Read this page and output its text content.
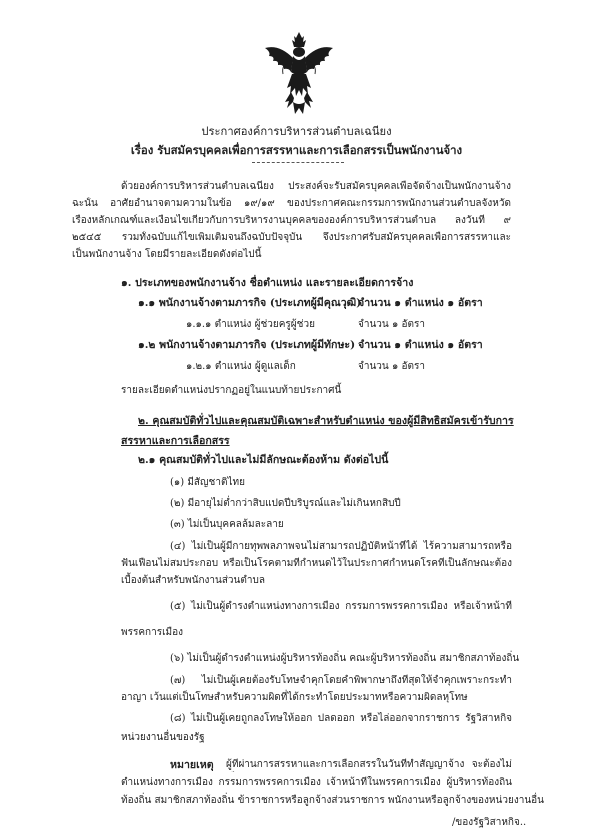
ประกาศองค์การบริหารส่วนตำบลเฉนียง
เรื่อง รับสมัครบุคคลเพื่อการสรรหาและการเลือกสรรเป็นพนักงานจ้าง
ด้วยองค์การบริหารส่วนตำบลเฉนียง ประสงค์จะรับสมัครบุคคลเพื่อจัดจ้างเป็นพนักงานจ้าง
ฉะนั้น อาศัยอำนาจตามความในข้อ ๑๙/๑๙ ของประกาศคณะกรรมการพนักงานส่วนตำบลจังหวัด
เรื่องหลักเกณฑ์และเงื่อนไขเกี่ยวกับการบริหารงานบุคคลขององค์การบริหารส่วนตำบล ลงวันที่ ๙
๒๕๔๕ รวมทั้งฉบับแก้ไขเพิ่มเติมจนถึงฉบับปัจจุบัน จึงประกาศรับสมัครบุคคลเพื่อการสรรหาและ
เป็นพนักงานจ้าง โดยมีรายละเอียดดังต่อไปนี้
๑. ประเภทของพนักงานจ้าง ชื่อตำแหน่ง และรายละเอียดการจ้าง
๑.๑ พนักงานจ้างตามภารกิจ (ประเภทผู้มีคุณวุฒิ)
จำนวน ๑ ตำแหน่ง ๑ อัตรา
๑.๑.๑ ตำแหน่ง ผู้ช่วยครูผู้ช่วย	จำนวน ๑ อัตรา
๑.๒ พนักงานจ้างตามภารกิจ (ประเภทผู้มีทักษะ) จำนวน ๑ ตำแหน่ง ๑ อัตรา
๑.๒.๑ ตำแหน่ง ผู้ดูแลเด็ก	จำนวน ๑ อัตรา
รายละเอียดตำแหน่งปรากฏอยู่ในแนบท้ายประกาศนี้
๒. คุณสมบัติทั่วไปและคุณสมบัติเฉพาะสำหรับตำแหน่ง ของผู้มีสิทธิสมัครเข้ารับการ
สรรหาและการเลือกสรร
๒.๑ คุณสมบัติทั่วไปและไม่มีลักษณะต้องห้าม ดังต่อไปนี้
(๑) มีสัญชาติไทย
(๒) มีอายุไม่ต่ำกว่าสิบแปดปีบริบูรณ์และไม่เกินหกสิบปี
(๓) ไม่เป็นบุคคลล้มละลาย
(๔) ไม่เป็นผู้มีกายทุพพลภาพจนไม่สามารถปฏิบัติหน้าที่ได้ ไร้ความสามารถหรือ
ฟั่นเฟือนไม่สมประกอบ หรือเป็นโรคตามที่กำหนดไว้ในประกาศกำหนดโรคที่เป็นลักษณะต้อง
เบื้องต้นสำหรับพนักงานส่วนตำบล
(๕) ไม่เป็นผู้ดำรงตำแหน่งทางการเมือง กรรมการพรรคการเมือง หรือเจ้าหน้าที่
พรรคการเมือง
(๖) ไม่เป็นผู้ดำรงตำแหน่งผู้บริหารท้องถิ่น คณะผู้บริหารท้องถิ่น สมาชิกสภาท้องถิ่น
(๗) ไม่เป็นผู้เคยต้องรับโทษจำคุกโดยคำพิพากษาถึงที่สุดให้จำคุกเพราะกระทำ
อาญา เว้นแต่เป็นโทษสำหรับความผิดที่ได้กระทำโดยประมาทหรือความผิดลหุโทษ
(๘) ไม่เป็นผู้เคยถูกลงโทษให้ออก ปลดออก หรือไล่ออกจากราชการ รัฐวิสาหกิจ
หน่วยงานอื่นของรัฐ
หมายเหตุ ผู้ที่ผ่านการสรรหาและการเลือกสรรในวันที่ทำสัญญาจ้าง จะต้องไม่
ตำแหน่งทางการเมือง กรรมการพรรคการเมือง เจ้าหน้าที่ในพรรคการเมือง ผู้บริหารท้องถิ่น
ท้องถิ่น สมาชิกสภาท้องถิ่น ข้าราชการหรือลูกจ้างส่วนราชการ พนักงานหรือลูกจ้างของหน่วยงานอื่น
/ของรัฐวิสาหกิจ..
